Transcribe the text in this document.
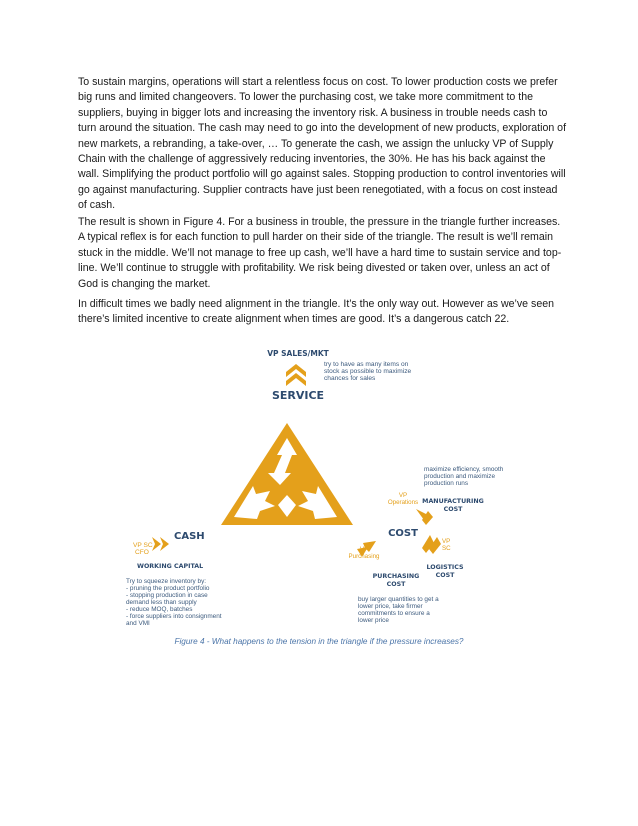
To sustain margins, operations will start a relentless focus on cost. To lower production costs we prefer big runs and limited changeovers. To lower the purchasing cost, we take more commitment to the suppliers, buying in bigger lots and increasing the inventory risk. A business in trouble needs cash to turn around the situation. The cash may need to go into the development of new products, exploration of new markets, a rebranding, a take-over, … To generate the cash, we assign the unlucky VP of Supply Chain with the challenge of aggressively reducing inventories, the 30%. He has his back against the wall. Simplifying the product portfolio will go against sales. Stopping production to control inventories will go against manufacturing. Supplier contracts have just been renegotiated, with a focus on cost instead of cash.

The result is shown in Figure 4. For a business in trouble, the pressure in the triangle further increases. A typical reflex is for each function to pull harder on their side of the triangle. The result is we’ll remain stuck in the middle. We’ll not manage to free up cash, we’ll have a hard time to sustain service and top-line. We’ll continue to struggle with profitability. We risk being divested or taken over, unless an act of God is changing the market.

In difficult times we badly need alignment in the triangle. It’s the only way out. However as we’ve seen there’s limited incentive to create alignment when times are good. It’s a dangerous catch 22.

VP SALES/MKT
SERVICE
try to have as many items on
stock as possible to maximize
chances for sales
VP SC
CFO
CASH
WORKING CAPITAL
Try to squeeze inventory by:
- pruning the product portfolio
- stopping production in case
demand less than supply
- reduce MOQ, batches
- force suppliers into consignment
and VMI
COST
VP
Operations MANUFACTURING
COST
maximize efficiency, smooth
production and maximize
production runs
VP
SC
LOGISTICS
COST
VP
Purchasing
PURCHASING
COST
buy larger quantities to get a
lower price, take firmer
commitments to ensure a
lower price
Figure 4 - What happens to the tension in the triangle if the pressure increases?
